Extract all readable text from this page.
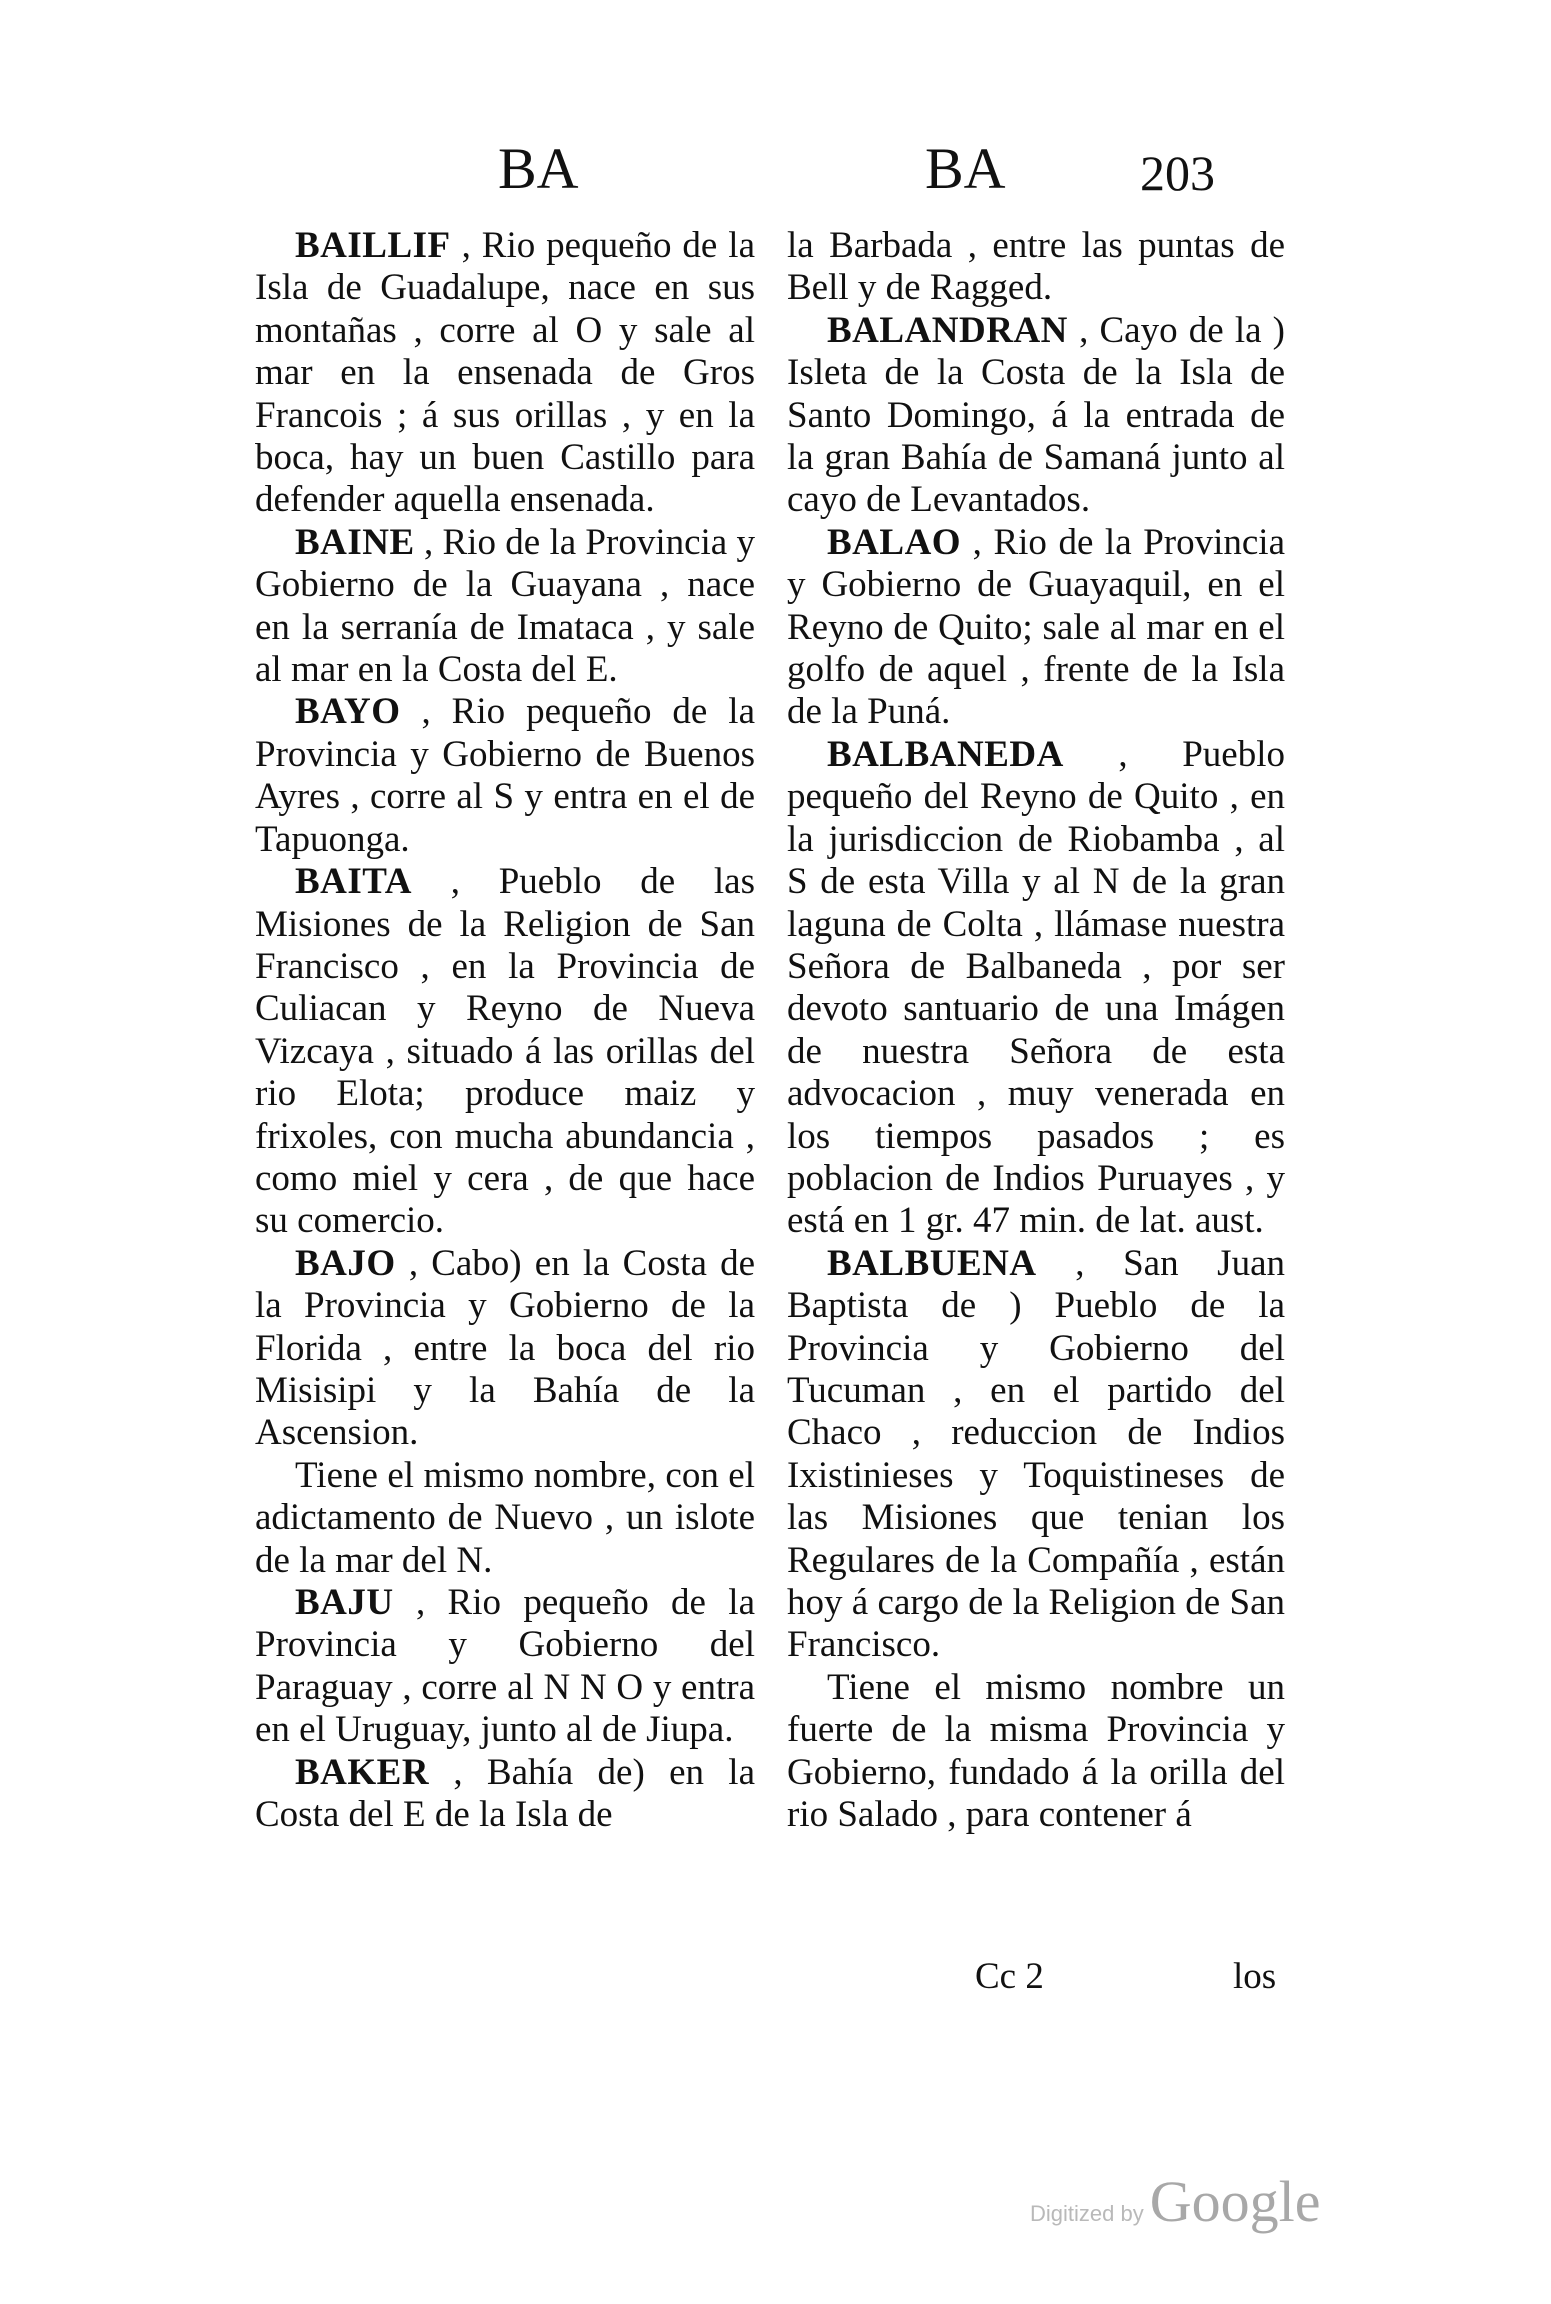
BA	BA	203

BAILLIF , Rio pequeño de la Isla de Guadalupe, nace en sus montañas , corre al O y sale al mar en la ensenada de Gros Francois ; á sus orillas , y en la boca, hay un buen Castillo para defender aquella ensenada.

BAINE , Rio de la Provincia y Gobierno de la Guayana , nace en la serranía de Imataca , y sale al mar en la Costa del E.

BAYO , Rio pequeño de la Provincia y Gobierno de Buenos Ayres , corre al S y entra en el de Tapuonga.

BAITA , Pueblo de las Misiones de la Religion de San Francisco , en la Provincia de Culiacan y Reyno de Nueva Vizcaya , situado á las orillas del rio Elota; produce maiz y frixoles, con mucha abundancia , como miel y cera , de que hace su comercio.

BAJO , Cabo) en la Costa de la Provincia y Gobierno de la Florida , entre la boca del rio Misisipi y la Bahía de la Ascension.

Tiene el mismo nombre, con el adictamento de Nuevo , un islote de la mar del N.

BAJU , Rio pequeño de la Provincia y Gobierno del Paraguay , corre al N N O y entra en el Uruguay, junto al de Jiupa.

BAKER , Bahía de) en la Costa del E de la Isla de

la Barbada , entre las puntas de Bell y de Ragged.

BALANDRAN , Cayo de la ) Isleta de la Costa de la Isla de Santo Domingo, á la entrada de la gran Bahía de Samaná junto al cayo de Levantados.

BALAO , Rio de la Provincia y Gobierno de Guayaquil, en el Reyno de Quito; sale al mar en el golfo de aquel , frente de la Isla de la Puná.

BALBANEDA , Pueblo pequeño del Reyno de Quito , en la jurisdiccion de Riobamba , al S de esta Villa y al N de la gran laguna de Colta , llámase nuestra Señora de Balbaneda , por ser devoto santuario de una Imágen de nuestra Señora de esta advocacion , muy venerada en los tiempos pasados ; es poblacion de Indios Puruayes , y está en 1 gr. 47 min. de lat. aust.

BALBUENA , San Juan Baptista de ) Pueblo de la Provincia y Gobierno del Tucuman , en el partido del Chaco , reduccion de Indios Ixistinieses y Toquistineses de las Misiones que tenian los Regulares de la Compañía , están hoy á cargo de la Religion de San Francisco.

Tiene el mismo nombre un fuerte de la misma Provincia y Gobierno, fundado á la orilla del rio Salado , para contener á

Cc 2	los
Digitized by Google
